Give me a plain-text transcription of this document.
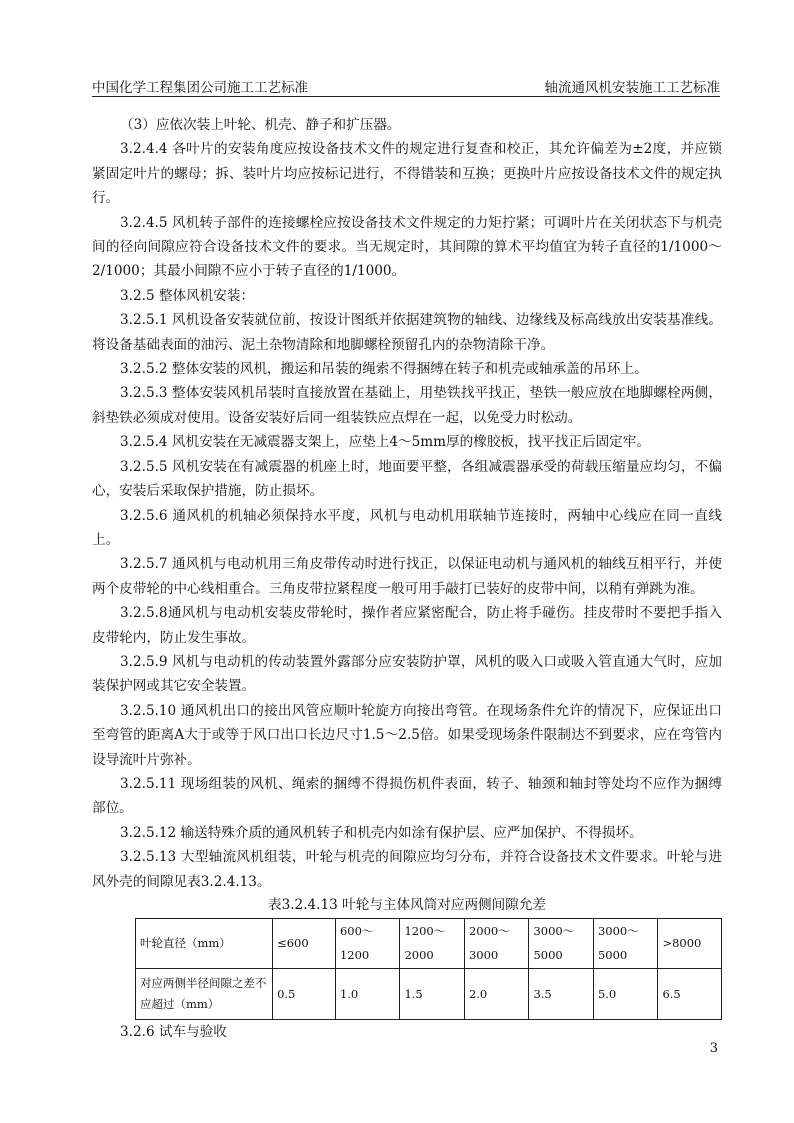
中国化学工程集团公司施工工艺标准	轴流通风机安装施工工艺标准

（3）应依次装上叶轮、机壳、静子和扩压器。

3.2.4.4 各叶片的安装角度应按设备技术文件的规定进行复查和校正，其允许偏差为±2度，并应锁紧固定叶片的螺母；拆、装叶片均应按标记进行，不得错装和互换；更换叶片应按设备技术文件的规定执行。

3.2.4.5 风机转子部件的连接螺栓应按设备技术文件规定的力矩拧紧；可调叶片在关闭状态下与机壳间的径向间隙应符合设备技术文件的要求。当无规定时，其间隙的算术平均值宜为转子直径的1/1000～2/1000；其最小间隙不应小于转子直径的1/1000。

3.2.5 整体风机安装：

3.2.5.1 风机设备安装就位前，按设计图纸并依据建筑物的轴线、边缘线及标高线放出安装基准线。将设备基础表面的油污、泥土杂物清除和地脚螺栓预留孔内的杂物清除干净。

3.2.5.2 整体安装的风机，搬运和吊装的绳索不得捆缚在转子和机壳或轴承盖的吊环上。

3.2.5.3 整体安装风机吊装时直接放置在基础上，用垫铁找平找正，垫铁一般应放在地脚螺栓两侧，斜垫铁必须成对使用。设备安装好后同一组装铁应点焊在一起，以免受力时松动。

3.2.5.4 风机安装在无减震器支架上，应垫上4～5mm厚的橡胶板，找平找正后固定牢。

3.2.5.5 风机安装在有减震器的机座上时，地面要平整，各组减震器承受的荷载压缩量应均匀，不偏心，安装后采取保护措施，防止损坏。

3.2.5.6 通风机的机轴必须保持水平度，风机与电动机用联轴节连接时，两轴中心线应在同一直线上。

3.2.5.7 通风机与电动机用三角皮带传动时进行找正，以保证电动机与通风机的轴线互相平行，并使两个皮带轮的中心线相重合。三角皮带拉紧程度一般可用手敲打已装好的皮带中间，以稍有弹跳为准。

3.2.5.8通风机与电动机安装皮带轮时，操作者应紧密配合，防止将手碰伤。挂皮带时不要把手指入皮带轮内，防止发生事故。

3.2.5.9 风机与电动机的传动装置外露部分应安装防护罩，风机的吸入口或吸入管直通大气时，应加装保护网或其它安全装置。

3.2.5.10 通风机出口的接出风管应顺叶轮旋方向接出弯管。在现场条件允许的情况下，应保证出口至弯管的距离A大于或等于风口出口长边尺寸1.5～2.5倍。如果受现场条件限制达不到要求，应在弯管内设导流叶片弥补。

3.2.5.11 现场组装的风机、绳索的捆缚不得损伤机件表面，转子、轴颈和轴封等处均不应作为捆缚部位。

3.2.5.12 输送特殊介质的通风机转子和机壳内如涂有保护层、应严加保护、不得损坏。

3.2.5.13 大型轴流风机组装，叶轮与机壳的间隙应均匀分布，并符合设备技术文件要求。叶轮与进风外壳的间隙见表3.2.4.13。

表3.2.4.13 叶轮与主体风筒对应两侧间隙允差
叶轮直径（mm）	≤600	600～1200	1200～2000	2000～3000	3000～5000	3000～5000	>8000
对应两侧半径间隙之差不应超过（mm）	0.5	1.0	1.5	2.0	3.5	5.0	6.5

3.2.6 试车与验收

3
